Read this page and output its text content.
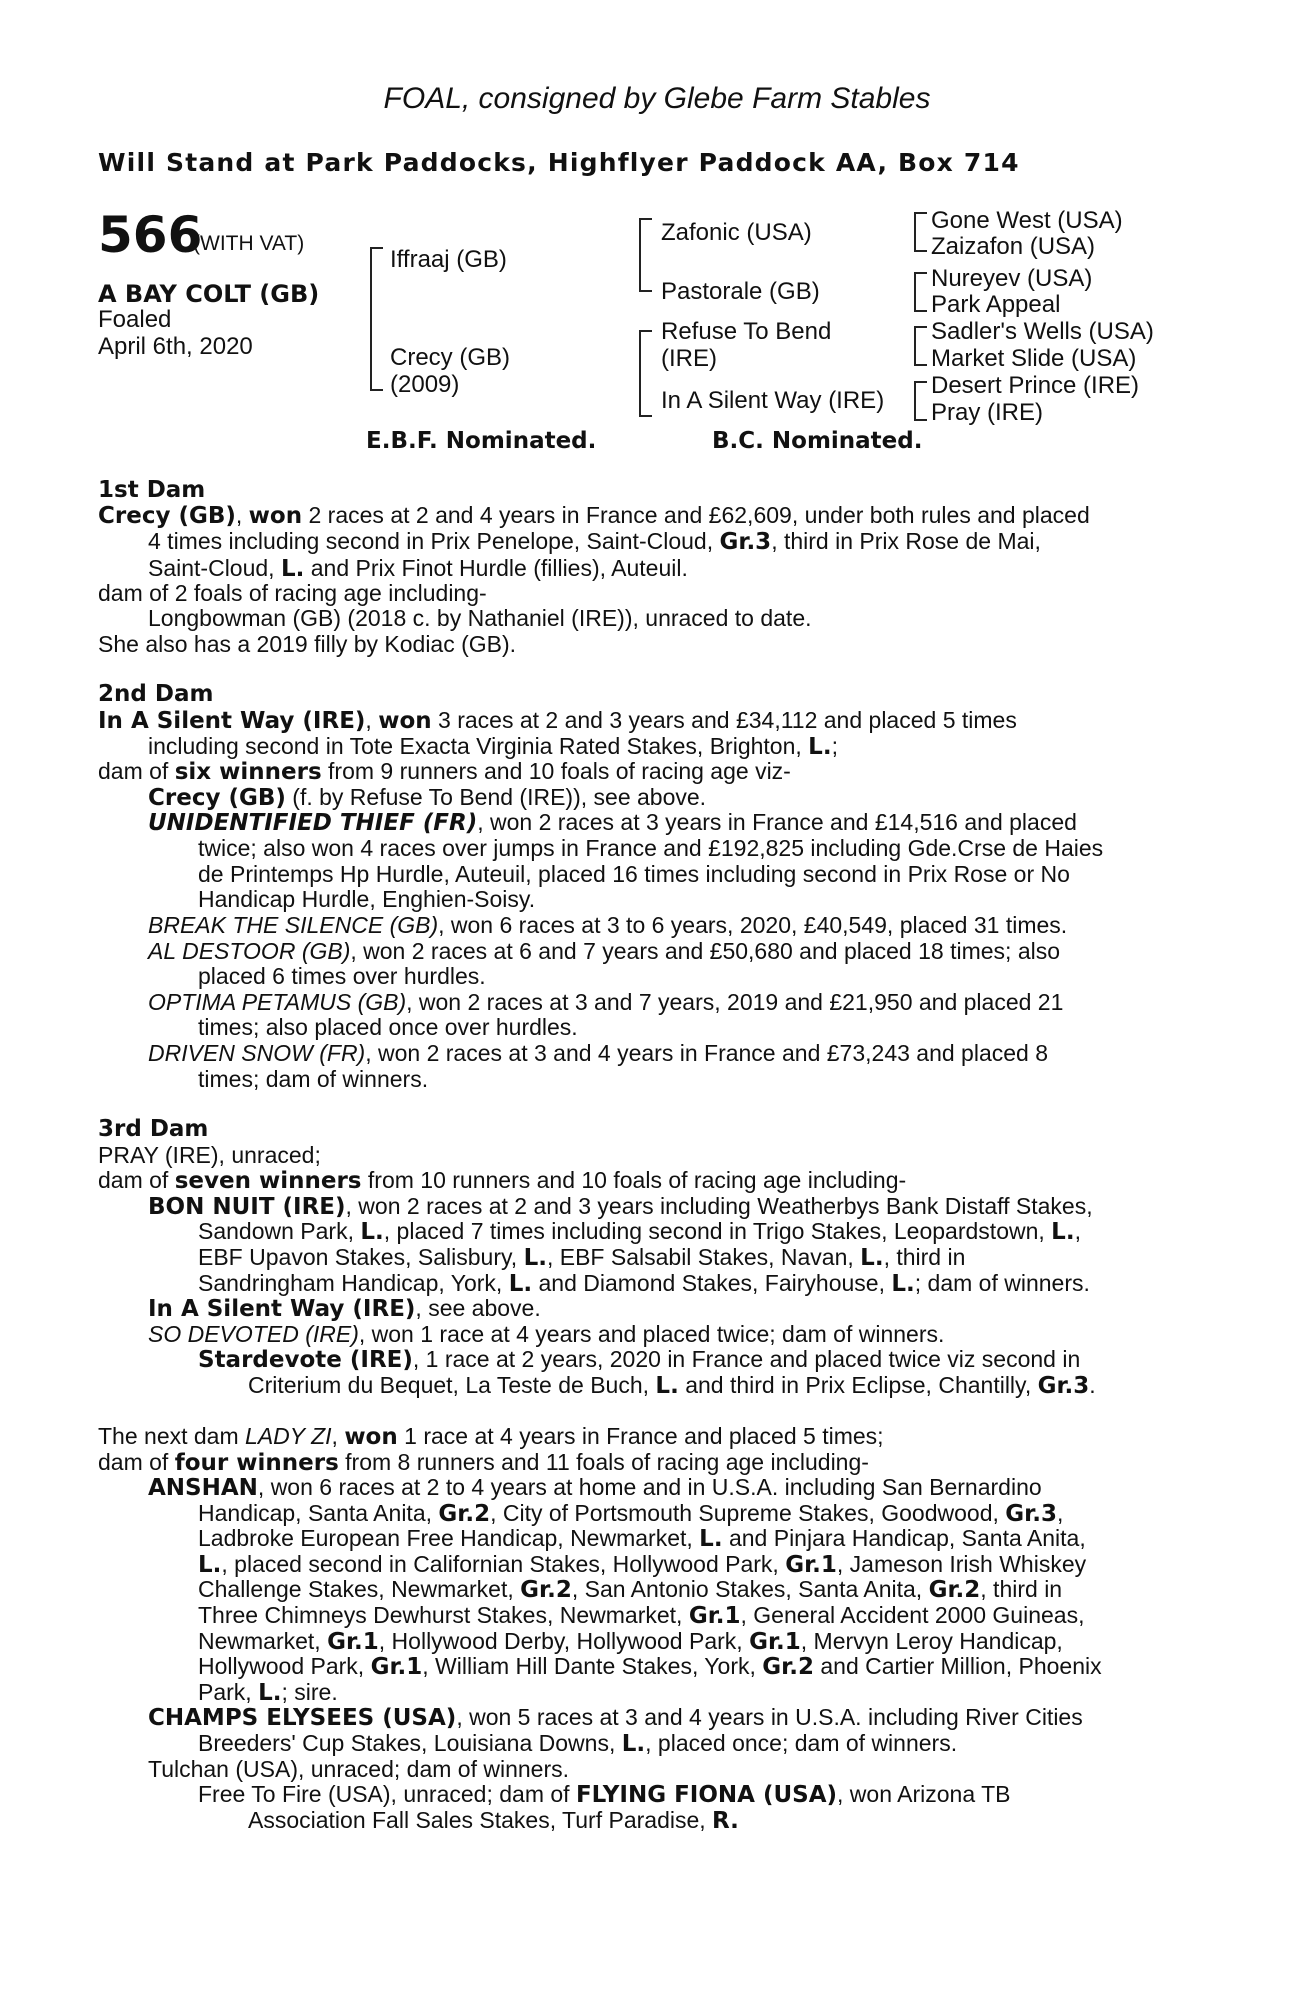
FOAL, consigned by Glebe Farm Stables
Will Stand at Park Paddocks, Highflyer Paddock AA, Box 714
566
(WITH VAT)
A BAY COLT (GB)
Foaled
April 6th, 2020
Iffraaj (GB)
Crecy (GB)
(2009)
Zafonic (USA)
Pastorale (GB)
Refuse To Bend
(IRE)
In A Silent Way (IRE)
Gone West (USA)
Zaizafon (USA)
Nureyev (USA)
Park Appeal
Sadler's Wells (USA)
Market Slide (USA)
Desert Prince (IRE)
Pray (IRE)
E.B.F. Nominated.	B.C. Nominated.
1st Dam
Crecy (GB), won 2 races at 2 and 4 years in France and £62,609, under both rules and placed
4 times including second in Prix Penelope, Saint-Cloud, Gr.3, third in Prix Rose de Mai,
Saint-Cloud, L. and Prix Finot Hurdle (fillies), Auteuil.
dam of 2 foals of racing age including-
Longbowman (GB) (2018 c. by Nathaniel (IRE)), unraced to date.
She also has a 2019 filly by Kodiac (GB).
2nd Dam
In A Silent Way (IRE), won 3 races at 2 and 3 years and £34,112 and placed 5 times
including second in Tote Exacta Virginia Rated Stakes, Brighton, L.;
dam of six winners from 9 runners and 10 foals of racing age viz-
Crecy (GB) (f. by Refuse To Bend (IRE)), see above.
UNIDENTIFIED THIEF (FR), won 2 races at 3 years in France and £14,516 and placed
twice; also won 4 races over jumps in France and £192,825 including Gde.Crse de Haies
de Printemps Hp Hurdle, Auteuil, placed 16 times including second in Prix Rose or No
Handicap Hurdle, Enghien-Soisy.
BREAK THE SILENCE (GB), won 6 races at 3 to 6 years, 2020, £40,549, placed 31 times.
AL DESTOOR (GB), won 2 races at 6 and 7 years and £50,680 and placed 18 times; also
placed 6 times over hurdles.
OPTIMA PETAMUS (GB), won 2 races at 3 and 7 years, 2019 and £21,950 and placed 21
times; also placed once over hurdles.
DRIVEN SNOW (FR), won 2 races at 3 and 4 years in France and £73,243 and placed 8
times; dam of winners.
3rd Dam
PRAY (IRE), unraced;
dam of seven winners from 10 runners and 10 foals of racing age including-
BON NUIT (IRE), won 2 races at 2 and 3 years including Weatherbys Bank Distaff Stakes,
Sandown Park, L., placed 7 times including second in Trigo Stakes, Leopardstown, L.,
EBF Upavon Stakes, Salisbury, L., EBF Salsabil Stakes, Navan, L., third in
Sandringham Handicap, York, L. and Diamond Stakes, Fairyhouse, L.; dam of winners.
In A Silent Way (IRE), see above.
SO DEVOTED (IRE), won 1 race at 4 years and placed twice; dam of winners.
Stardevote (IRE), 1 race at 2 years, 2020 in France and placed twice viz second in
Criterium du Bequet, La Teste de Buch, L. and third in Prix Eclipse, Chantilly, Gr.3.
The next dam LADY ZI, won 1 race at 4 years in France and placed 5 times;
dam of four winners from 8 runners and 11 foals of racing age including-
ANSHAN, won 6 races at 2 to 4 years at home and in U.S.A. including San Bernardino
Handicap, Santa Anita, Gr.2, City of Portsmouth Supreme Stakes, Goodwood, Gr.3,
Ladbroke European Free Handicap, Newmarket, L. and Pinjara Handicap, Santa Anita,
L., placed second in Californian Stakes, Hollywood Park, Gr.1, Jameson Irish Whiskey
Challenge Stakes, Newmarket, Gr.2, San Antonio Stakes, Santa Anita, Gr.2, third in
Three Chimneys Dewhurst Stakes, Newmarket, Gr.1, General Accident 2000 Guineas,
Newmarket, Gr.1, Hollywood Derby, Hollywood Park, Gr.1, Mervyn Leroy Handicap,
Hollywood Park, Gr.1, William Hill Dante Stakes, York, Gr.2 and Cartier Million, Phoenix
Park, L.; sire.
CHAMPS ELYSEES (USA), won 5 races at 3 and 4 years in U.S.A. including River Cities
Breeders' Cup Stakes, Louisiana Downs, L., placed once; dam of winners.
Tulchan (USA), unraced; dam of winners.
Free To Fire (USA), unraced; dam of FLYING FIONA (USA), won Arizona TB
Association Fall Sales Stakes, Turf Paradise, R.
